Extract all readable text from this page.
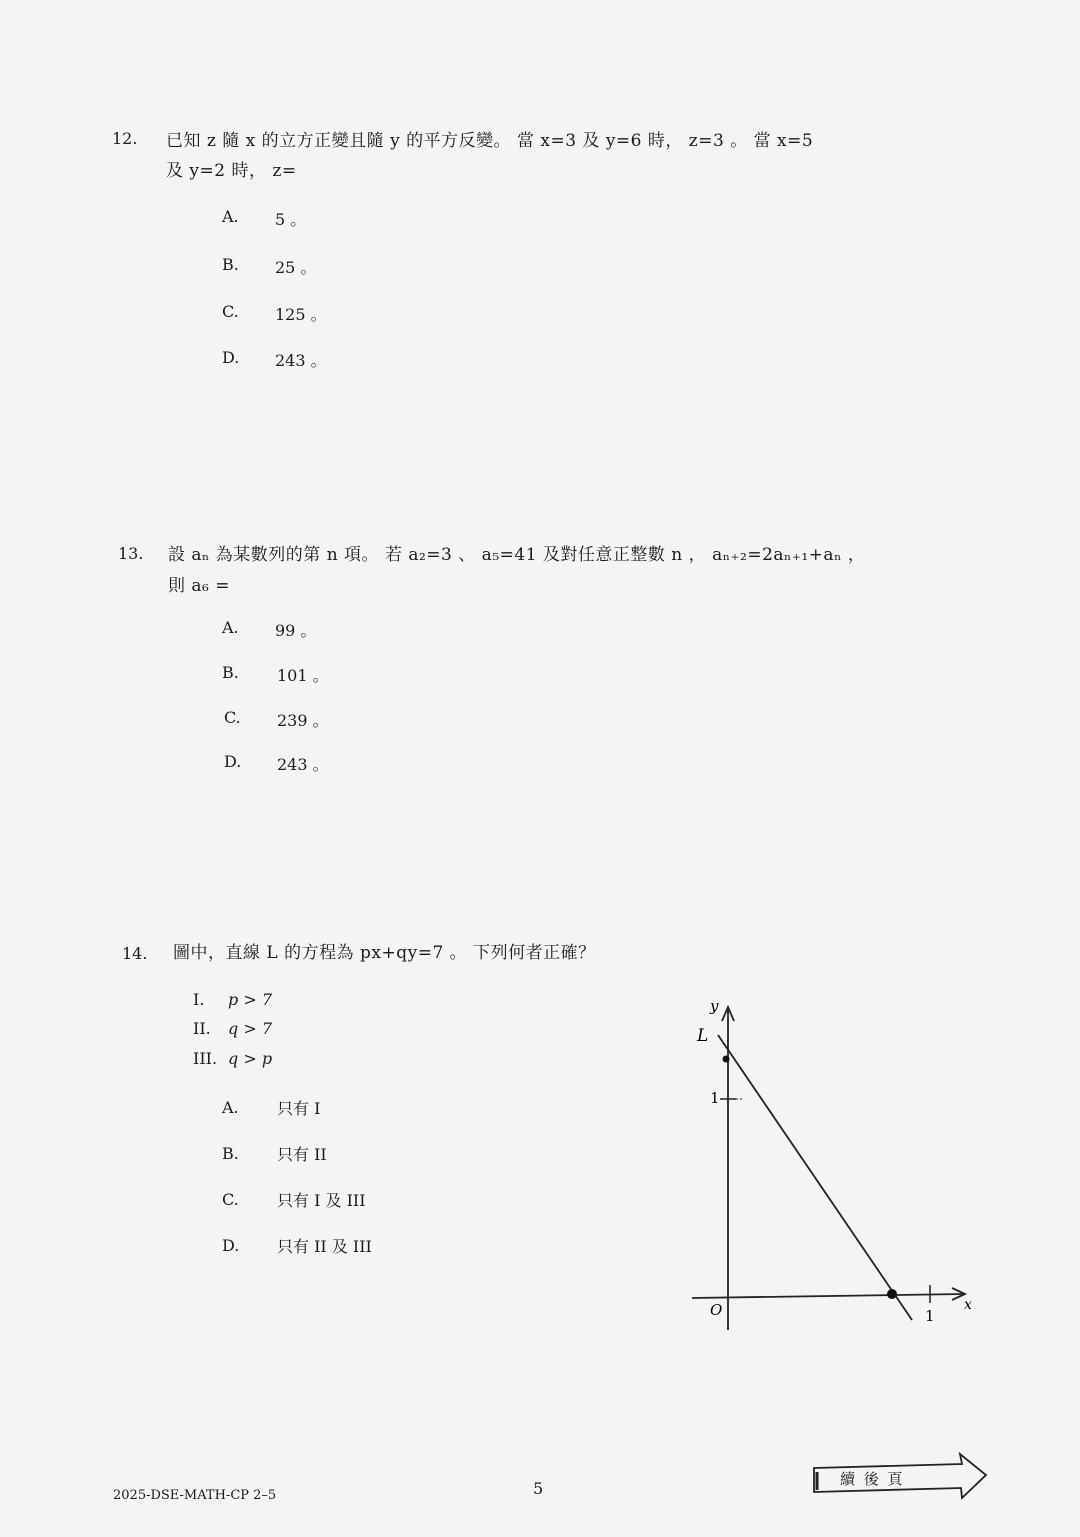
12. 已知 z 隨 x 的立方正變且隨 y 的平方反變。 當 x=3 及 y=6 時， z=3 。 當 x=5
及 y=2 時， z=
A. 5 。
B. 25 。
C. 125 。
D. 243 。
13. 設 aₙ 為某數列的第 n 項。 若 a₂=3 、 a₅=41 及對任意正整數 n ， aₙ₊₂=2aₙ₊₁+aₙ ，
則 a₆ =
A. 99 。
B. 101 。
C. 239 。
D. 243 。
14. 圖中，直線 L 的方程為 px+qy=7 。 下列何者正確？
I. p > 7
II. q > 7
III. q > p
A. 只有 I
B. 只有 II
C. 只有 I 及 III
D. 只有 II 及 III
y
L
1
O	1
x
2025-DSE-MATH-CP 2–5	5	續 後 頁
